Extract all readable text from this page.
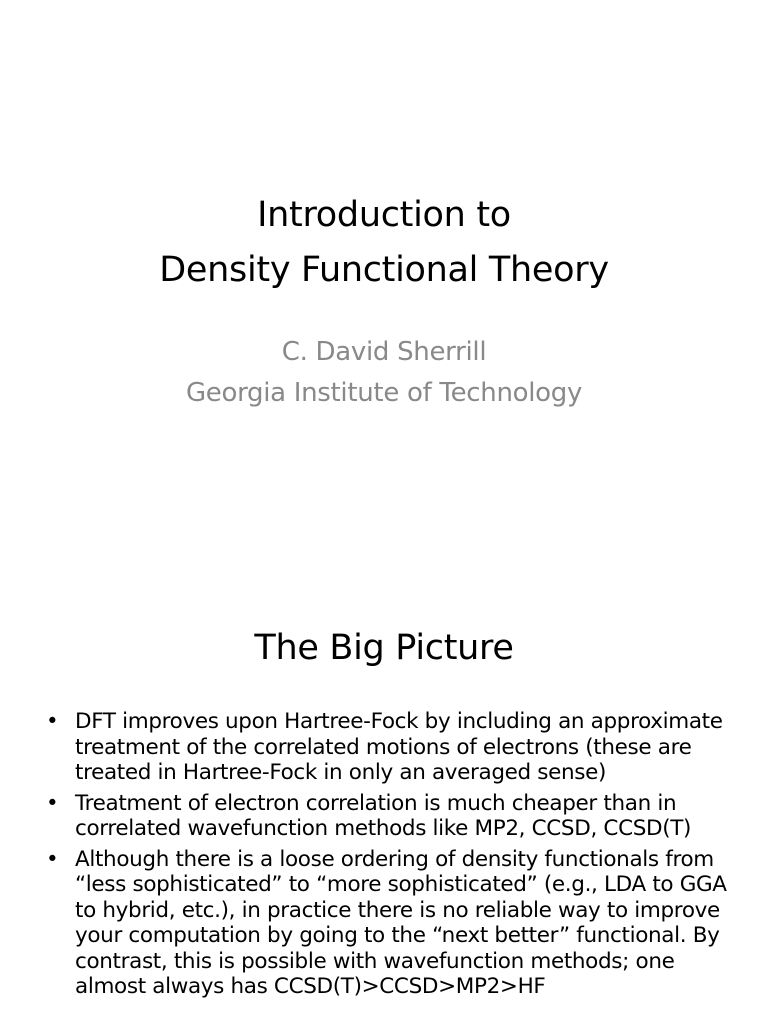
Introduction to
Density Functional Theory
C. David Sherrill
Georgia Institute of Technology
The Big Picture
• DFT improves upon Hartree-Fock by including an approximate treatment of the correlated motions of electrons (these are treated in Hartree-Fock in only an averaged sense)
• Treatment of electron correlation is much cheaper than in correlated wavefunction methods like MP2, CCSD, CCSD(T)
• Although there is a loose ordering of density functionals from “less sophisticated” to “more sophisticated” (e.g., LDA to GGA to hybrid, etc.), in practice there is no reliable way to improve your computation by going to the “next better” functional. By contrast, this is possible with wavefunction methods; one almost always has CCSD(T)>CCSD>MP2>HF
